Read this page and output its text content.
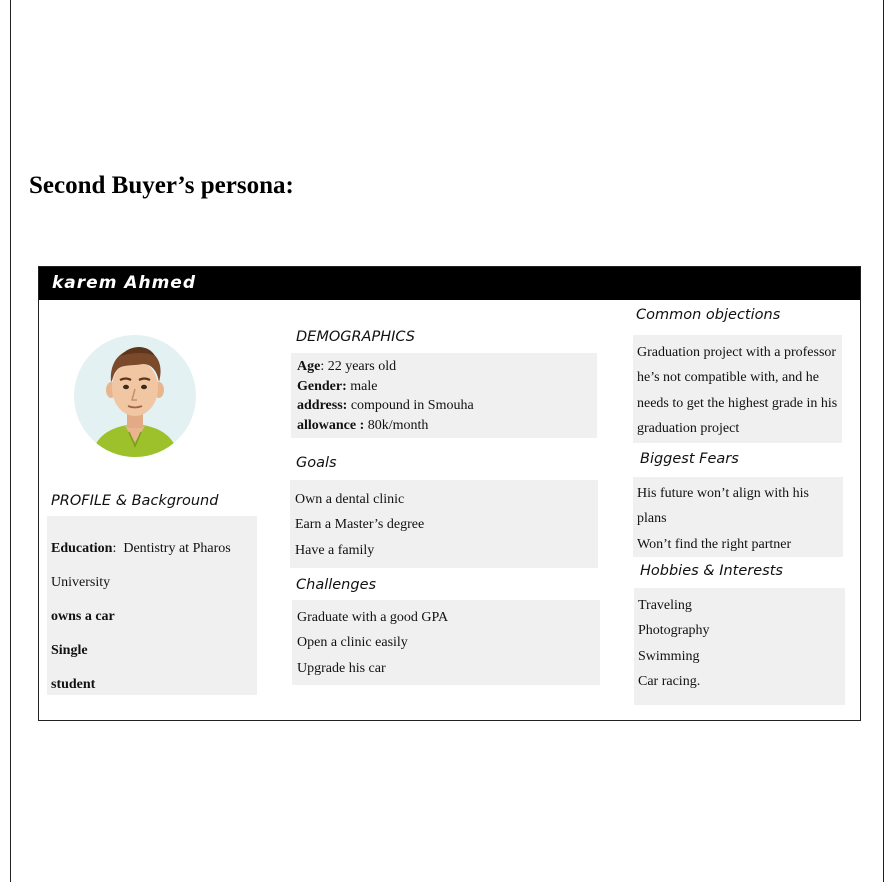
Second Buyer’s persona:
karem Ahmed
PROFILE & Background
Education:  Dentistry at Pharos
University
owns a car
Single
student
DEMOGRAPHICS
Age: 22 years old
Gender: male
address: compound in Smouha
allowance : 80k/month
Goals
Own a dental clinic
Earn a Master’s degree
Have a family
Challenges
Graduate with a good GPA
Open a clinic easily
Upgrade his car
Common objections
Graduation project with a professor
he’s not compatible with, and he
needs to get the highest grade in his
graduation project
Biggest Fears
His future won’t align with his
plans
Won’t find the right partner
Hobbies & Interests
Traveling
Photography
Swimming
Car racing.
